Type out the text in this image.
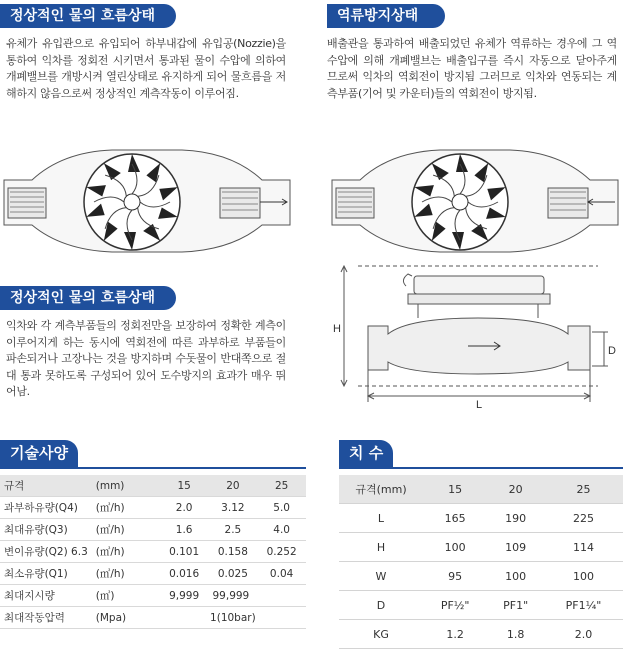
정상적인 물의 흐름상태
유체가 유입관으로 유입되어 하부내갑에 유입공(Nozzie)을 통하여 익차를 정회전 시키면서 통과된 물이 수압에 의하여 개폐밸브를 개방시켜 열린상태로 유지하게 되어 물흐름을 저해하지 않음으로써 정상적인 계측작동이 이루어짐.
역류방지상태
배출관을 통과하여 배출되었던 유체가 역류하는 경우에 그 역수압에 의해 개폐밸브는 배출입구를 즉시 자동으로 닫아주게 므로써 익차의 역회전이 방지됨 그러므로 익차와 연동되는 계측부품(기어 및 카운터)들의 역회전이 방지됨.
정상적인 물의 흐름상태
익차와 각 계측부품들의 정회전만을 보장하여 정확한 계측이 이루어지게 하는 동시에 역회전에 따른 과부하로 부품들이 파손되거나 고장나는 것을 방지하며 수돗물이 반대쪽으로 절대 통과 못하도록 구성되어 있어 도수방지의 효과가 매우 뛰어남.
H
D
L
기술사양
규격	(mm)	15	20	25
과부하유량(Q4)	(㎥/h)	2.0	3.12	5.0
최대유량(Q3)	(㎥/h)	1.6	2.5	4.0
변이유량(Q2) 6.3	(㎥/h)	0.101	0.158	0.252
최소유량(Q1)	(㎥/h)	0.016	0.025	0.04
최대지시량	(㎥)	9,999	99,999	
최대작동압력	(Mpa)	1(10bar)		
치 수
규격(mm)	15	20	25
L	165	190	225
H	100	109	114
W	95	100	100
D	PF½"	PF1"	PF1¼"
KG	1.2	1.8	2.0
